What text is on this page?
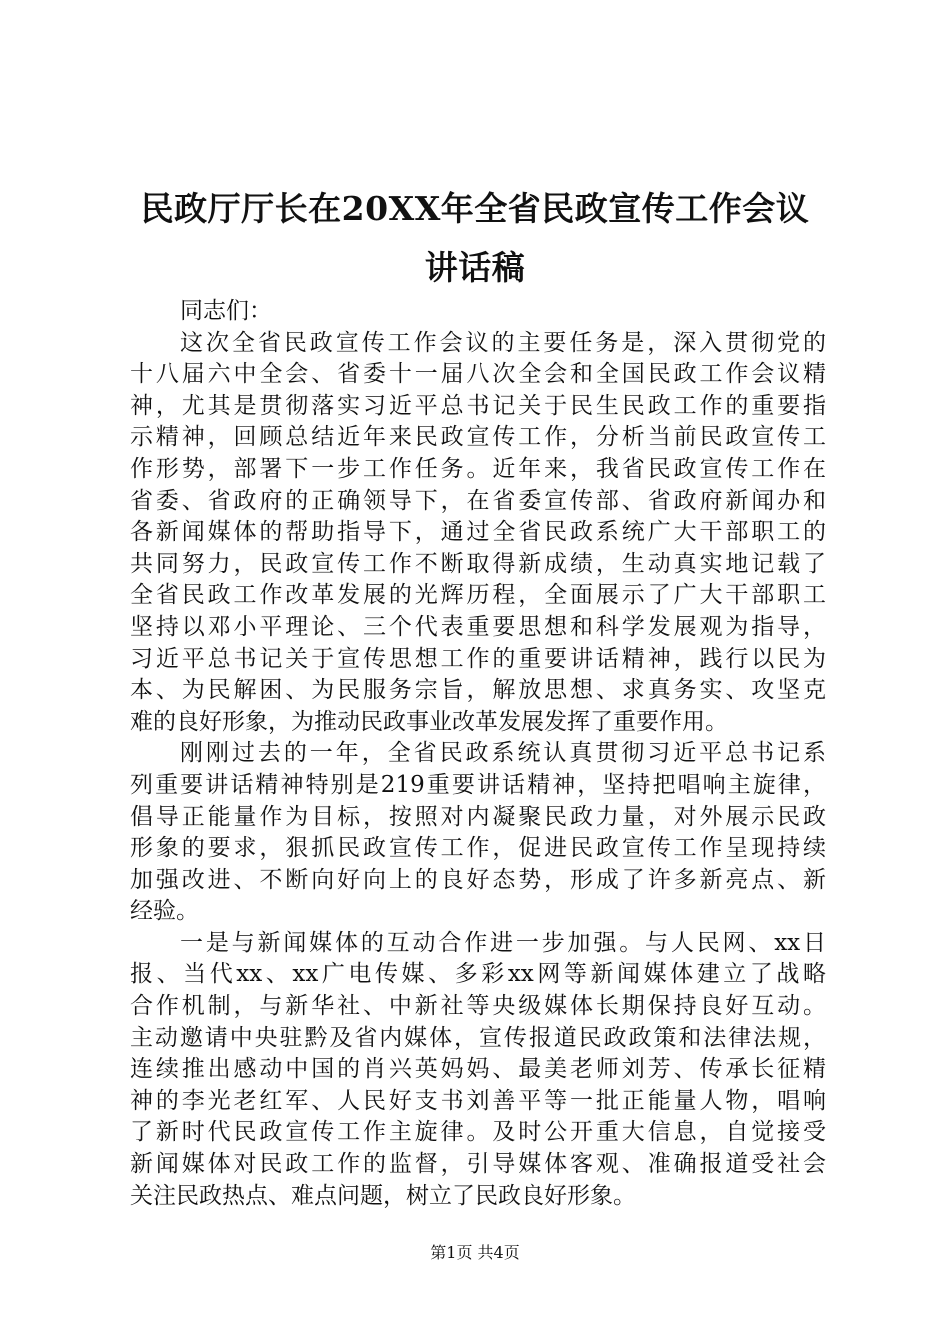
民政厅厅长在20XX年全省民政宣传工作会议
讲话稿
同志们：
这次全省民政宣传工作会议的主要任务是，深入贯彻党的
十八届六中全会、省委十一届八次全会和全国民政工作会议精
神，尤其是贯彻落实习近平总书记关于民生民政工作的重要指
示精神，回顾总结近年来民政宣传工作，分析当前民政宣传工
作形势，部署下一步工作任务。近年来，我省民政宣传工作在
省委、省政府的正确领导下，在省委宣传部、省政府新闻办和
各新闻媒体的帮助指导下，通过全省民政系统广大干部职工的
共同努力，民政宣传工作不断取得新成绩，生动真实地记载了
全省民政工作改革发展的光辉历程，全面展示了广大干部职工
坚持以邓小平理论、三个代表重要思想和科学发展观为指导，
习近平总书记关于宣传思想工作的重要讲话精神，践行以民为
本、为民解困、为民服务宗旨，解放思想、求真务实、攻坚克
难的良好形象，为推动民政事业改革发展发挥了重要作用。
刚刚过去的一年，全省民政系统认真贯彻习近平总书记系
列重要讲话精神特别是219重要讲话精神，坚持把唱响主旋律，
倡导正能量作为目标，按照对内凝聚民政力量，对外展示民政
形象的要求，狠抓民政宣传工作，促进民政宣传工作呈现持续
加强改进、不断向好向上的良好态势，形成了许多新亮点、新
经验。
一是与新闻媒体的互动合作进一步加强。与人民网、xx日
报、当代xx、xx广电传媒、多彩xx网等新闻媒体建立了战略
合作机制，与新华社、中新社等央级媒体长期保持良好互动。
主动邀请中央驻黔及省内媒体，宣传报道民政政策和法律法规，
连续推出感动中国的肖兴英妈妈、最美老师刘芳、传承长征精
神的李光老红军、人民好支书刘善平等一批正能量人物，唱响
了新时代民政宣传工作主旋律。及时公开重大信息，自觉接受
新闻媒体对民政工作的监督，引导媒体客观、准确报道受社会
关注民政热点、难点问题，树立了民政良好形象。
第1页 共4页
